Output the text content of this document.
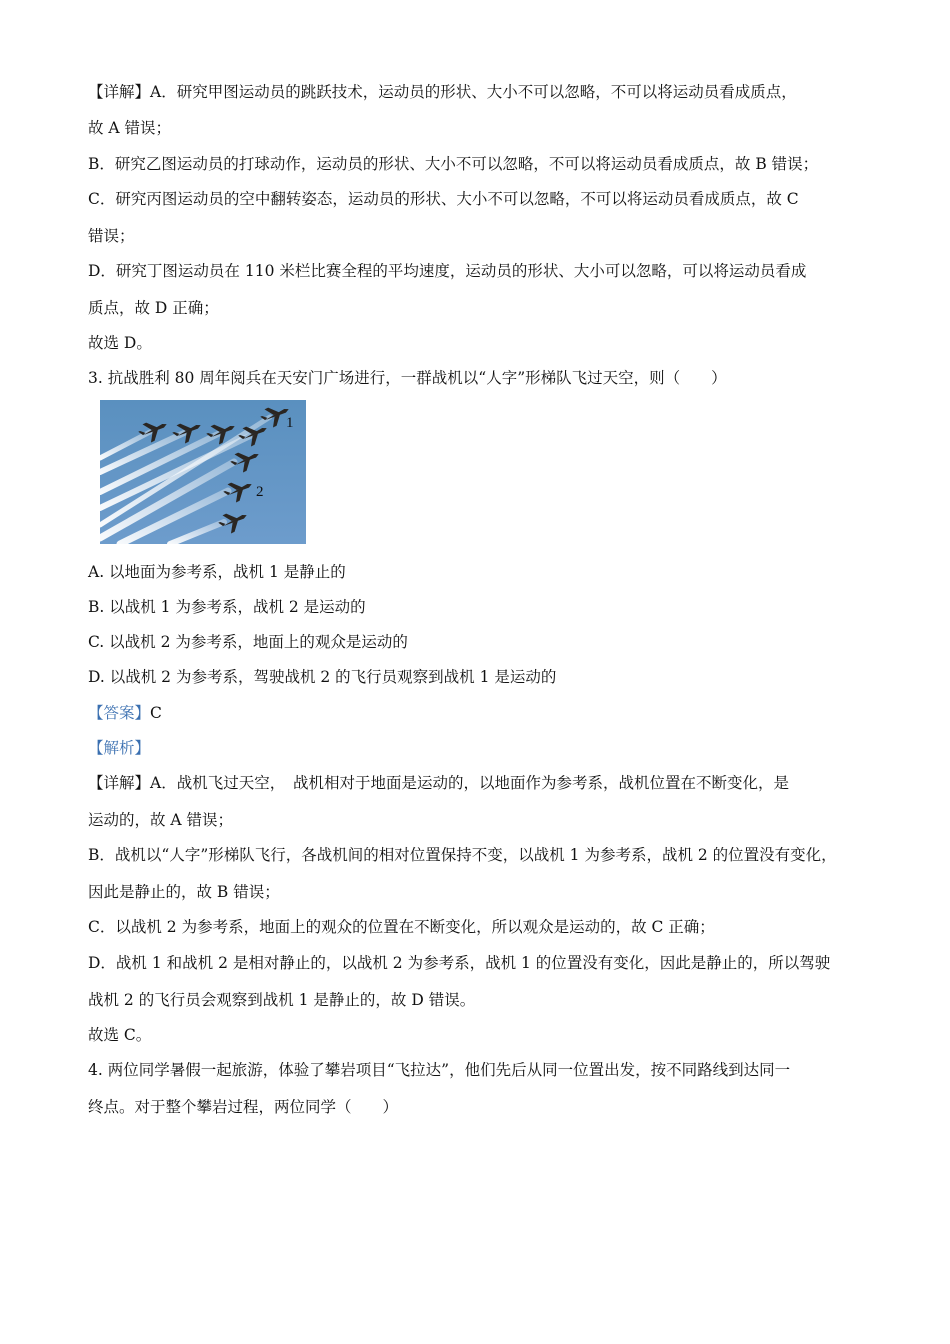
【详解】A．研究甲图运动员的跳跃技术，运动员的形状、大小不可以忽略，不可以将运动员看成质点，
故 A 错误；
B．研究乙图运动员的打球动作，运动员的形状、大小不可以忽略，不可以将运动员看成质点，故 B 错误；
C．研究丙图运动员的空中翻转姿态，运动员的形状、大小不可以忽略，不可以将运动员看成质点，故 C
错误；
D．研究丁图运动员在 110 米栏比赛全程的平均速度，运动员的形状、大小可以忽略，可以将运动员看成
质点，故 D 正确；
故选 D。
3. 抗战胜利 80 周年阅兵在天安门广场进行，一群战机以“人字”形梯队飞过天空，则（　　）
1
2
A. 以地面为参考系，战机 1 是静止的
B. 以战机 1 为参考系，战机 2 是运动的
C. 以战机 2 为参考系，地面上的观众是运动的
D. 以战机 2 为参考系，驾驶战机 2 的飞行员观察到战机 1 是运动的
【答案】C
【解析】
【详解】A．战机飞过天空，　战机相对于地面是运动的，以地面作为参考系，战机位置在不断变化，是
运动的，故 A 错误；
B．战机以“人字”形梯队飞行，各战机间的相对位置保持不变，以战机 1 为参考系，战机 2 的位置没有变化，
因此是静止的，故 B 错误；
C．以战机 2 为参考系，地面上的观众的位置在不断变化，所以观众是运动的，故 C 正确；
D．战机 1 和战机 2 是相对静止的，以战机 2 为参考系，战机 1 的位置没有变化，因此是静止的，所以驾驶
战机 2 的飞行员会观察到战机 1 是静止的，故 D 错误。
故选 C。
4. 两位同学暑假一起旅游，体验了攀岩项目“飞拉达”，他们先后从同一位置出发，按不同路线到达同一
终点。对于整个攀岩过程，两位同学（　　）
